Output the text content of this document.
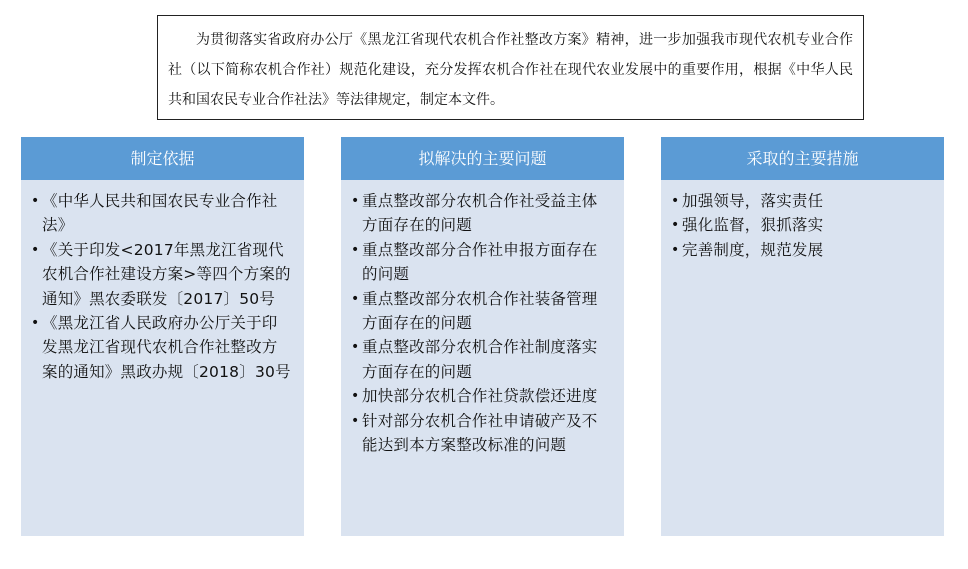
为贯彻落实省政府办公厅《黑龙江省现代农机合作社整改方案》精神，进一步加强我市现代农机专业合作社（以下简称农机合作社）规范化建设，充分发挥农机合作社在现代农业发展中的重要作用，根据《中华人民共和国农民专业合作社法》等法律规定，制定本文件。
制定依据
• 《中华人民共和国农民专业合作社法》
• 《关于印发<2017年黑龙江省现代农机合作社建设方案>等四个方案的通知》黑农委联发〔2017〕50号
• 《黑龙江省人民政府办公厅关于印发黑龙江省现代农机合作社整改方案的通知》黑政办规〔2018〕30号
拟解决的主要问题
• 重点整改部分农机合作社受益主体方面存在的问题
• 重点整改部分合作社申报方面存在的问题
• 重点整改部分农机合作社装备管理方面存在的问题
• 重点整改部分农机合作社制度落实方面存在的问题
• 加快部分农机合作社贷款偿还进度
• 针对部分农机合作社申请破产及不能达到本方案整改标准的问题
采取的主要措施
• 加强领导，落实责任
• 强化监督，狠抓落实
• 完善制度，规范发展
